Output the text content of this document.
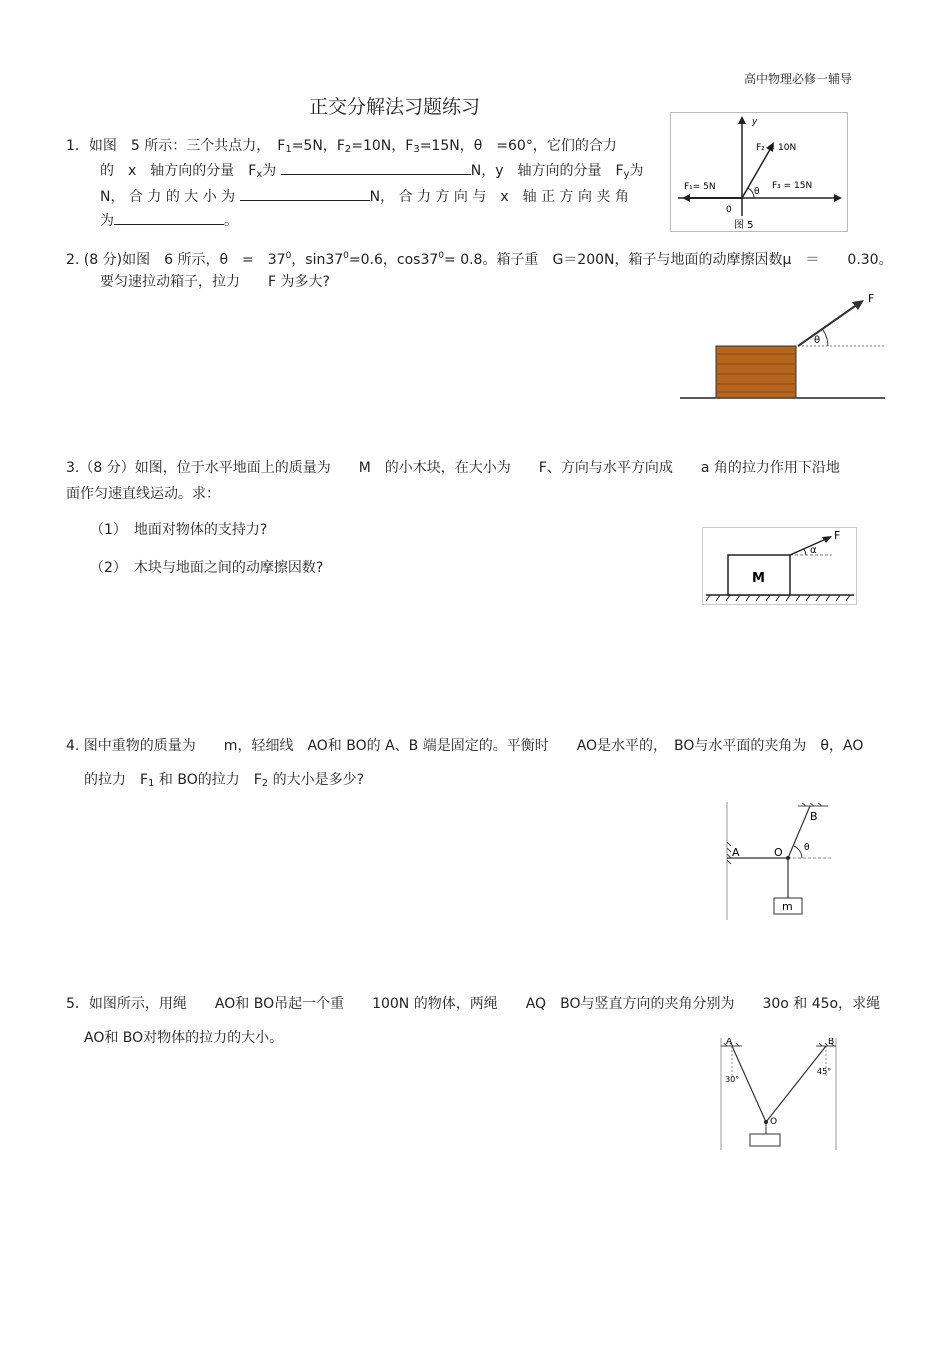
高中物理必修一辅导
正交分解法习题练习
1．如图　5 所示：三个共点力，　$F_1=5N$，$F_2=10N$，$F_3=15N$，θ　=60°，它们的合力
的　x　轴方向的分量　$F_x$为	N，y　轴方向的分量　$F_y$为
N， 合 力 的 大 小 为	N， 合 力 方 向 与　x　轴 正 方 向 夹 角
为	。
y
F₂ = 10N
F₁= 5N	F₃ = 15N
θ
0
图 5
2. (8 分)如图　6 所示，θ　=　$37^0$，$\sin 37^0=0.6$，$\cos 37^0= 0.8$。箱子重　G＝200N，箱子与地面的动摩擦因数μ　＝　　0.30。
要匀速拉动箱子，拉力　　F 为多大?
F
θ
3.（8 分）如图，位于水平地面上的质量为　　M　的小木块，在大小为　　F、方向与水平方向成　　a 角的拉力作用下沿地
面作匀速直线运动。求：
（1）　地面对物体的支持力?
（2）　木块与地面之间的动摩擦因数?
M
F
α
4. 图中重物的质量为　　m，轻细线　AO和 BO的 A、B 端是固定的。平衡时　　AO是水平的，　BO与水平面的夹角为　θ，AO
的拉力　$F_1$ 和 BO的拉力　$F_2$ 的大小是多少?
A
B
O θ
m
5．如图所示，用绳　　AO和 BO吊起一个重　　100N 的物体，两绳　　AQ　BO与竖直方向的夹角分别为　　30o 和 45o，求绳
AO和 BO对物体的拉力的大小。	A	B
O
30°
45°
